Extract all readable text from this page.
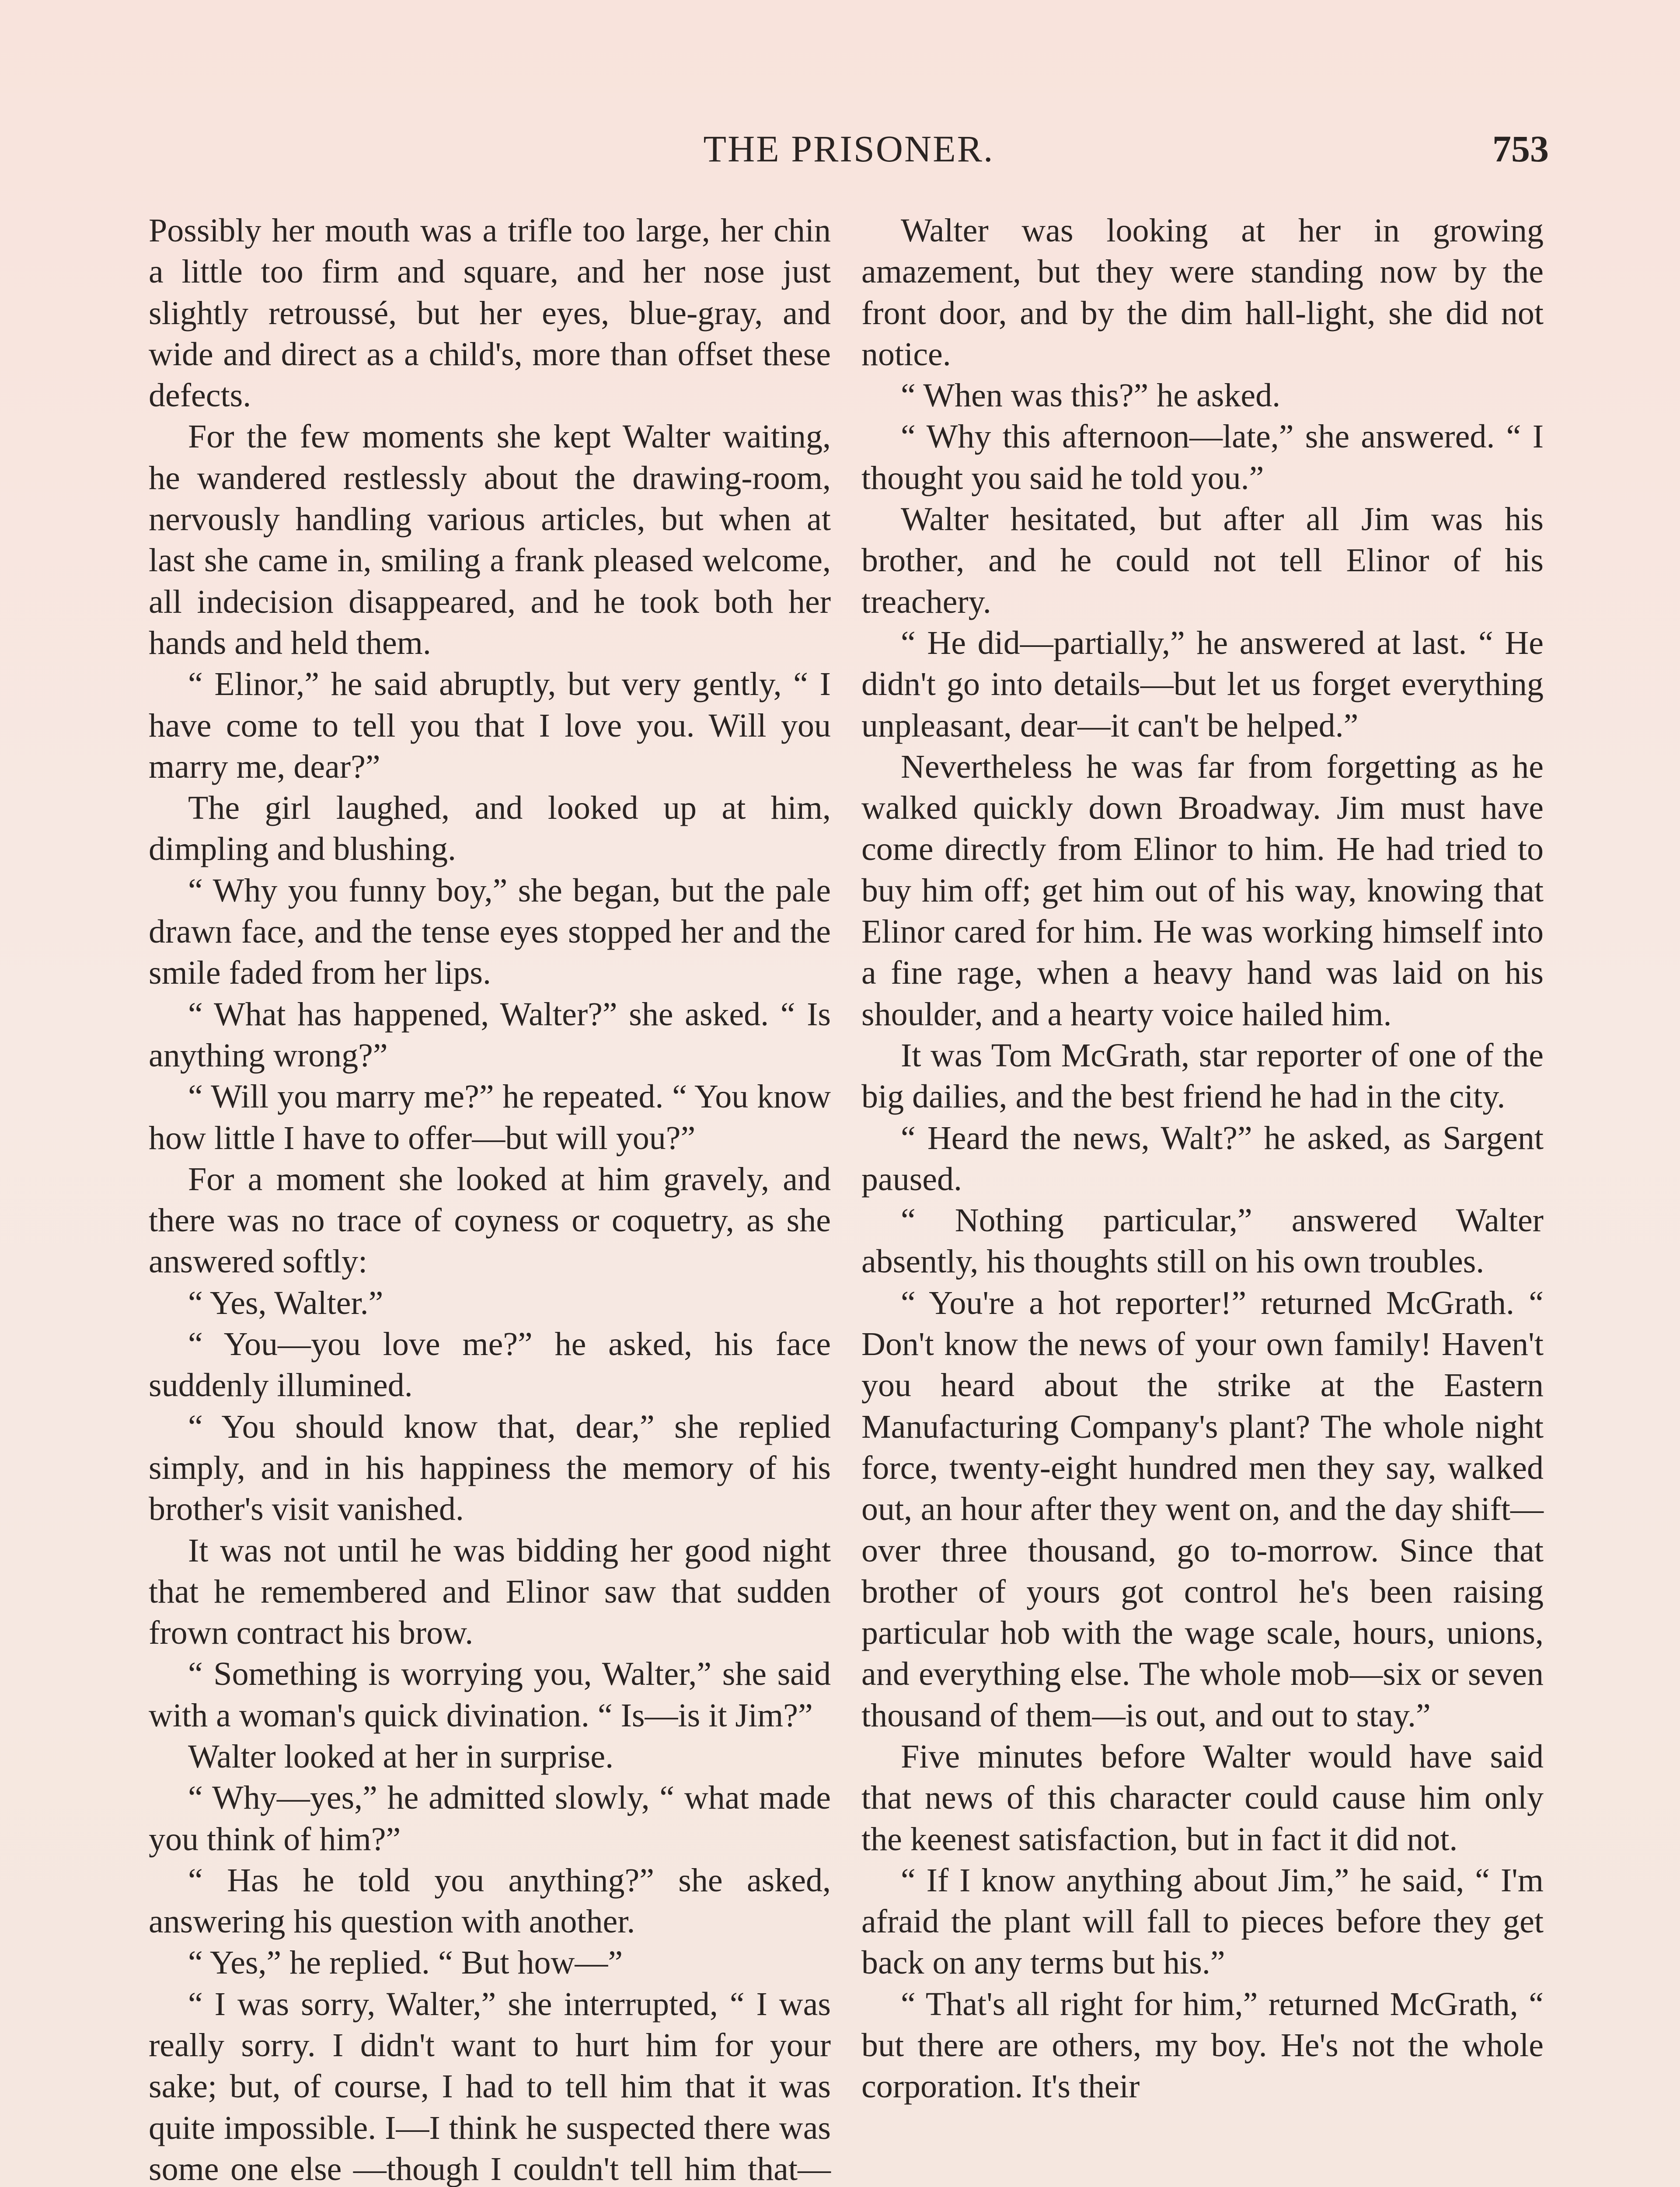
THE PRISONER.	753

Possibly her mouth was a trifle too large, her chin a little too firm and square, and her nose just slightly retroussé, but her eyes, blue-gray, and wide and direct as a child's, more than offset these defects.

For the few moments she kept Walter waiting, he wandered restlessly about the drawing-room, nervously handling various articles, but when at last she came in, smiling a frank pleased welcome, all indecision disappeared, and he took both her hands and held them.

“ Elinor,” he said abruptly, but very gently, “ I have come to tell you that I love you. Will you marry me, dear?”

The girl laughed, and looked up at him, dimpling and blushing.

“ Why you funny boy,” she began, but the pale drawn face, and the tense eyes stopped her and the smile faded from her lips.

“ What has happened, Walter?” she asked. “ Is anything wrong?”

“ Will you marry me?” he repeated. “ You know how little I have to offer—but will you?”

For a moment she looked at him gravely, and there was no trace of coyness or coquetry, as she answered softly:

“ Yes, Walter.”

“ You—you love me?” he asked, his face suddenly illumined.

“ You should know that, dear,” she replied simply, and in his happiness the memory of his brother's visit vanished.

It was not until he was bidding her good night that he remembered and Elinor saw that sudden frown contract his brow.

“ Something is worrying you, Walter,” she said with a woman's quick divination. “ Is—is it Jim?”

Walter looked at her in surprise.

“ Why—yes,” he admitted slowly, “ what made you think of him?”

“ Has he told you anything?” she asked, answering his question with another.

“ Yes,” he replied. “ But how—”

“ I was sorry, Walter,” she interrupted, “ I was really sorry. I didn't want to hurt him for your sake; but, of course, I had to tell him that it was quite impossible. I—I think he suspected there was some one else —though I couldn't tell him that—

Walter was looking at her in growing amazement, but they were standing now by the front door, and by the dim hall-light, she did not notice.

“ When was this?” he asked.

“ Why this afternoon—late,” she answered. “ I thought you said he told you.”

Walter hesitated, but after all Jim was his brother, and he could not tell Elinor of his treachery.

“ He did—partially,” he answered at last. “ He didn't go into details—but let us forget everything unpleasant, dear—it can't be helped.”

Nevertheless he was far from forgetting as he walked quickly down Broadway. Jim must have come directly from Elinor to him. He had tried to buy him off; get him out of his way, knowing that Elinor cared for him. He was working himself into a fine rage, when a heavy hand was laid on his shoulder, and a hearty voice hailed him.

It was Tom McGrath, star reporter of one of the big dailies, and the best friend he had in the city.

“ Heard the news, Walt?” he asked, as Sargent paused.

“ Nothing particular,” answered Walter absently, his thoughts still on his own troubles.

“ You're a hot reporter!” returned McGrath. “ Don't know the news of your own family! Haven't you heard about the strike at the Eastern Manufacturing Company's plant? The whole night force, twenty-eight hundred men they say, walked out, an hour after they went on, and the day shift—over three thousand, go to-morrow. Since that brother of yours got control he's been raising particular hob with the wage scale, hours, unions, and everything else. The whole mob—six or seven thousand of them—is out, and out to stay.”

Five minutes before Walter would have said that news of this character could cause him only the keenest satisfaction, but in fact it did not.

“ If I know anything about Jim,” he said, “ I'm afraid the plant will fall to pieces before they get back on any terms but his.”

“ That's all right for him,” returned McGrath, “ but there are others, my boy. He's not the whole corporation. It's their
